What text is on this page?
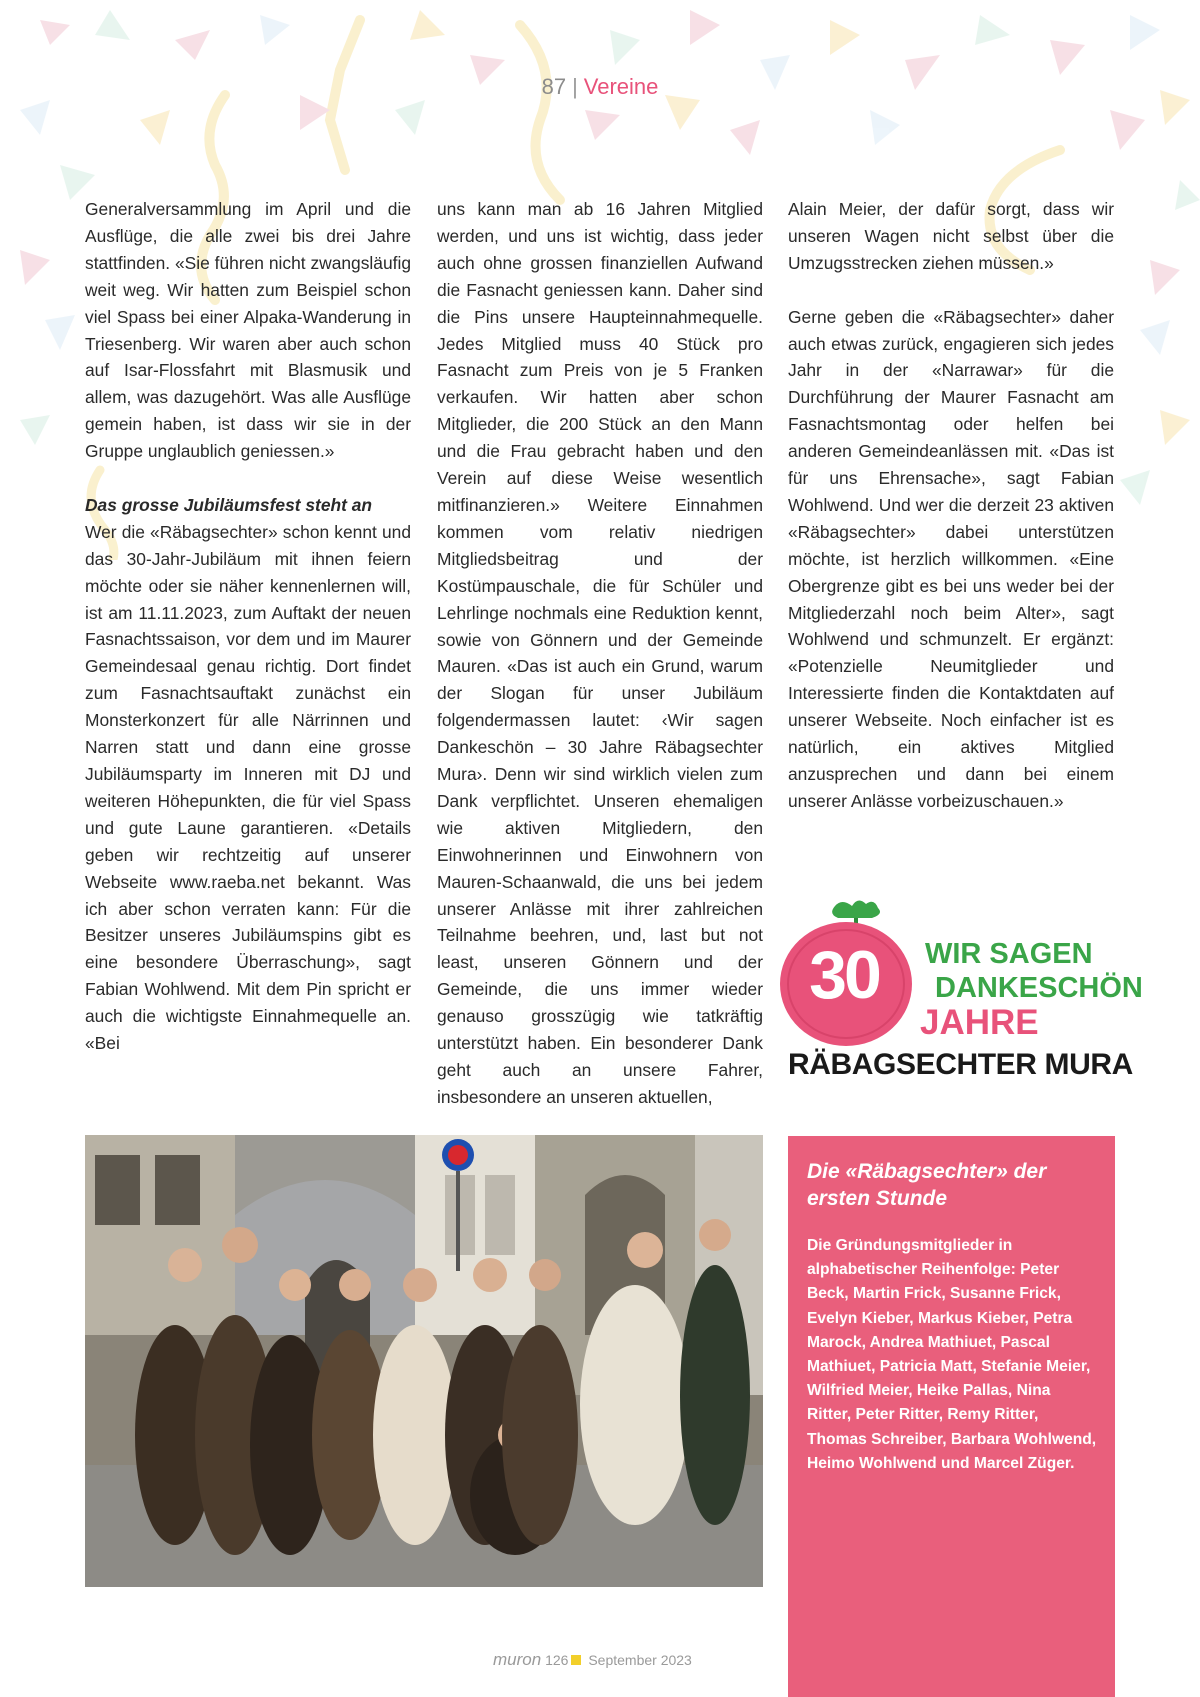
87 | Vereine

Generalversammlung im April und die Ausflüge, die alle zwei bis drei Jahre stattfinden. «Sie führen nicht zwangsläufig weit weg. Wir hatten zum Beispiel schon viel Spass bei einer Alpaka-Wanderung in Triesenberg. Wir waren aber auch schon auf Isar-Flossfahrt mit Blasmusik und allem, was dazugehört. Was alle Ausflüge gemein haben, ist dass wir sie in der Gruppe unglaublich geniessen.»

Das grosse Jubiläumsfest steht an

Wer die «Räbagsechter» schon kennt und das 30-Jahr-Jubiläum mit ihnen feiern möchte oder sie näher kennenlernen will, ist am 11.11.2023, zum Auftakt der neuen Fasnachtssaison, vor dem und im Maurer Gemeindesaal genau richtig. Dort findet zum Fasnachtsauftakt zunächst ein Monsterkonzert für alle Närrinnen und Narren statt und dann eine grosse Jubiläumsparty im Inneren mit DJ und weiteren Höhepunkten, die für viel Spass und gute Laune garantieren. «Details geben wir rechtzeitig auf unserer Webseite www.raeba.net bekannt. Was ich aber schon verraten kann: Für die Besitzer unseres Jubiläumspins gibt es eine besondere Überraschung», sagt Fabian Wohlwend. Mit dem Pin spricht er auch die wichtigste Einnahmequelle an. «Bei

uns kann man ab 16 Jahren Mitglied werden, und uns ist wichtig, dass jeder auch ohne grossen finanziellen Aufwand die Fasnacht geniessen kann. Daher sind die Pins unsere Haupteinnahmequelle. Jedes Mitglied muss 40 Stück pro Fasnacht zum Preis von je 5 Franken verkaufen. Wir hatten aber schon Mitglieder, die 200 Stück an den Mann und die Frau gebracht haben und den Verein auf diese Weise wesentlich mitfinanzieren.» Weitere Einnahmen kommen vom relativ niedrigen Mitgliedsbeitrag und der Kostümpauschale, die für Schüler und Lehrlinge nochmals eine Reduktion kennt, sowie von Gönnern und der Gemeinde Mauren. «Das ist auch ein Grund, warum der Slogan für unser Jubiläum folgendermassen lautet: ‹Wir sagen Dankeschön – 30 Jahre Räbagsechter Mura›. Denn wir sind wirklich vielen zum Dank verpflichtet. Unseren ehemaligen wie aktiven Mitgliedern, den Einwohnerinnen und Einwohnern von Mauren-Schaanwald, die uns bei jedem unserer Anlässe mit ihrer zahlreichen Teilnahme beehren, und, last but not least, unseren Gönnern und der Gemeinde, die uns immer wieder genauso grosszügig wie tatkräftig unterstützt haben. Ein besonderer Dank geht auch an unsere Fahrer, insbesondere an unseren aktuellen,

Alain Meier, der dafür sorgt, dass wir unseren Wagen nicht selbst über die Umzugsstrecken ziehen müssen.»

Gerne geben die «Räbagsechter» daher auch etwas zurück, engagieren sich jedes Jahr in der «Narrawar» für die Durchführung der Maurer Fasnacht am Fasnachtsmontag oder helfen bei anderen Gemeindeanlässen mit. «Das ist für uns Ehrensache», sagt Fabian Wohlwend. Und wer die derzeit 23 aktiven «Räbagsechter» dabei unterstützen möchte, ist herzlich willkommen. «Eine Obergrenze gibt es bei uns weder bei der Mitgliederzahl noch beim Alter», sagt Wohlwend und schmunzelt. Er ergänzt: «Potenzielle Neumitglieder und Interessierte finden die Kontaktdaten auf unserer Webseite. Noch einfacher ist es natürlich, ein aktives Mitglied anzusprechen und dann bei einem unserer Anlässe vorbeizuschauen.»

30	WIR SAGEN
DANKESCHÖN
JAHRE
RÄBAGSECHTER MURA
Die «Räbagsechter» der ersten Stunde

Die Gründungsmitglieder in alphabetischer Reihenfolge: Peter Beck, Martin Frick, Susanne Frick, Evelyn Kieber, Markus Kieber, Petra Marock, Andrea Mathiuet, Pascal Mathiuet, Patricia Matt, Stefanie Meier, Wilfried Meier, Heike Pallas, Nina Ritter, Peter Ritter, Remy Ritter, Thomas Schreiber, Barbara Wohlwend, Heimo Wohlwend und Marcel Züger.

muron 126 September 2023
